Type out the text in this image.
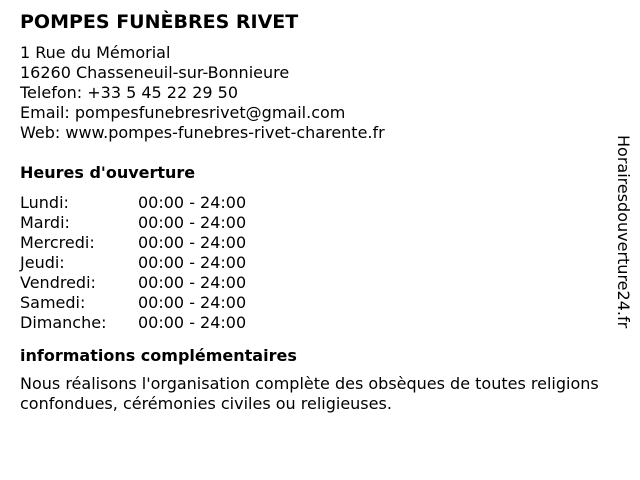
POMPES FUNÈBRES RIVET
1 Rue du Mémorial
16260 Chasseneuil-sur-Bonnieure
Telefon: +33 5 45 22 29 50
Email: pompesfunebresrivet@gmail.com
Web: www.pompes-funebres-rivet-charente.fr
Heures d'ouverture
Lundi:	00:00 - 24:00
Mardi:	00:00 - 24:00
Mercredi:	00:00 - 24:00
Jeudi:	00:00 - 24:00
Vendredi:	00:00 - 24:00
Samedi:	00:00 - 24:00
Dimanche:	00:00 - 24:00
informations complémentaires
Nous réalisons l'organisation complète des obsèques de toutes religions confondues, cérémonies civiles ou religieuses.
Horairesdouverture24.fr
